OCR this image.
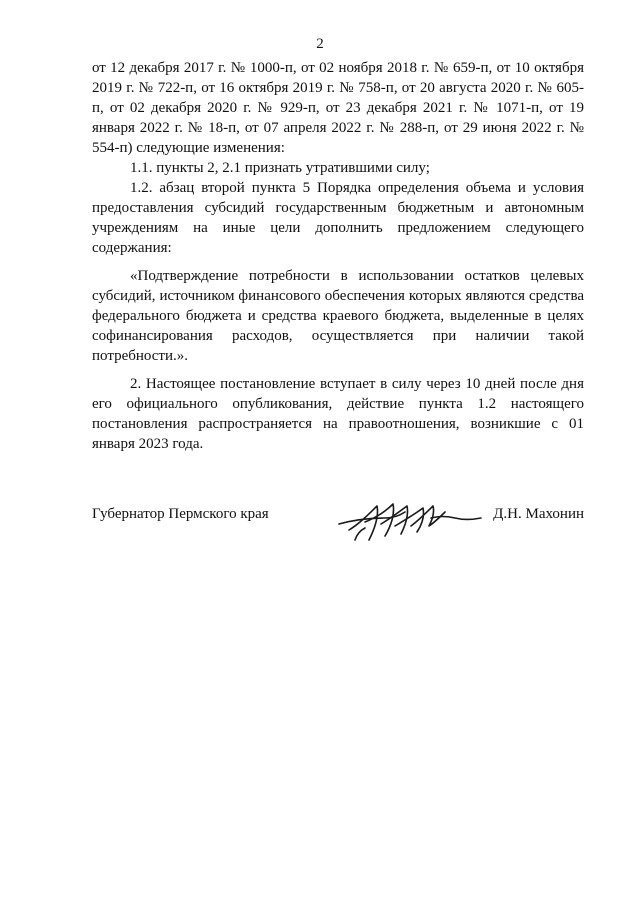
2

от 12 декабря 2017 г. № 1000-п, от 02 ноября 2018 г. № 659-п, от 10 октября 2019 г. № 722-п, от 16 октября 2019 г. № 758-п, от 20 августа 2020 г. № 605-п, от 02 декабря 2020 г. № 929-п, от 23 декабря 2021 г. № 1071-п, от 19 января 2022 г. № 18-п, от 07 апреля 2022 г. № 288-п, от 29 июня 2022 г. № 554-п) следующие изменения:

1.1. пункты 2, 2.1 признать утратившими силу;

1.2. абзац второй пункта 5 Порядка определения объема и условия предоставления субсидий государственным бюджетным и автономным учреждениям на иные цели дополнить предложением следующего содержания:

«Подтверждение потребности в использовании остатков целевых субсидий, источником финансового обеспечения которых являются средства федерального бюджета и средства краевого бюджета, выделенные в целях софинансирования расходов, осуществляется при наличии такой потребности.».

2. Настоящее постановление вступает в силу через 10 дней после дня его официального опубликования, действие пункта 1.2 настоящего постановления распространяется на правоотношения, возникшие с 01 января 2023 года.

Губернатор Пермского края	Д.Н. Махонин
